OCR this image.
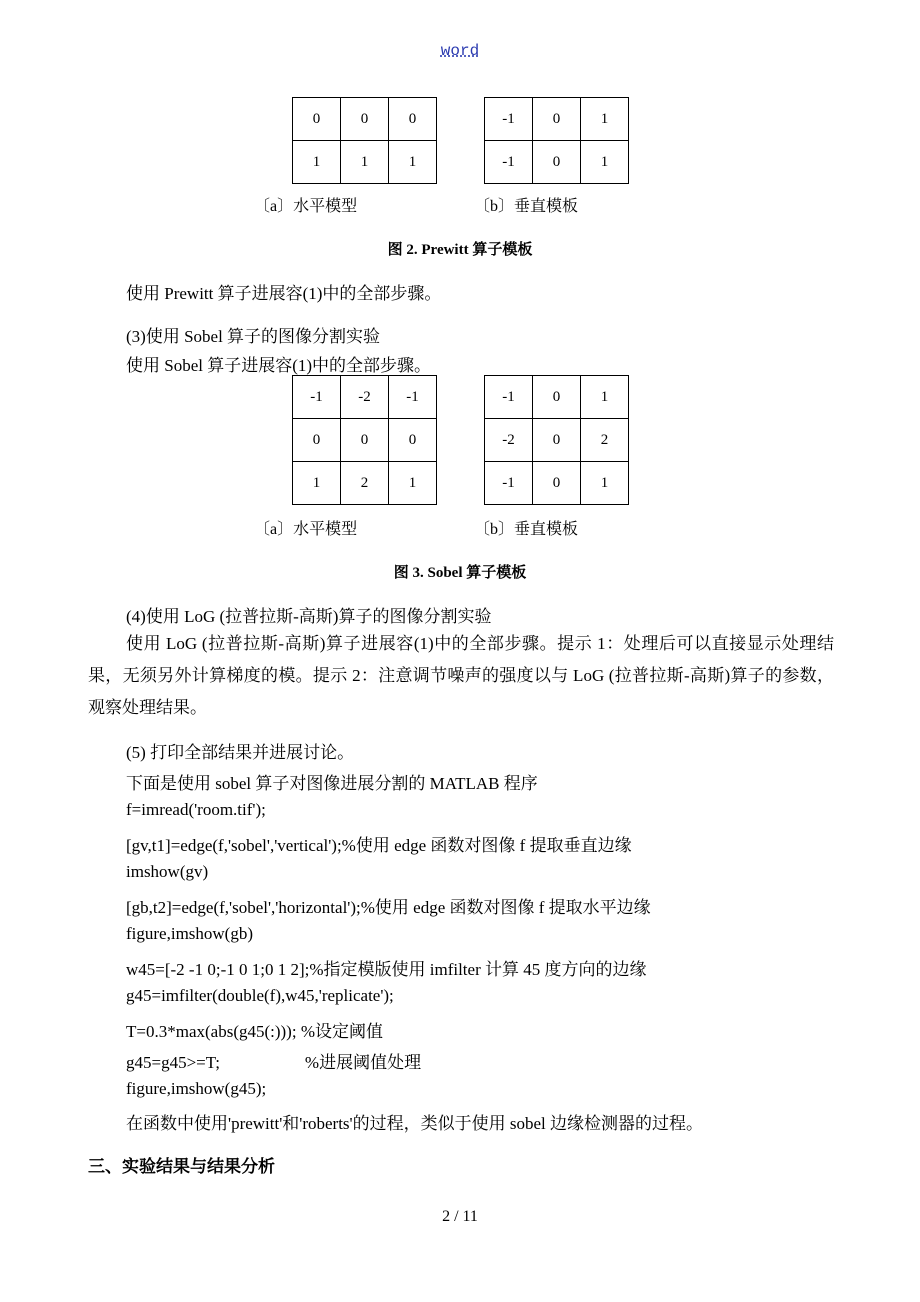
word
0	0	0
1	1	1
-1	0	1
-1	0	1
〔a〕水平模型	〔b〕垂直模板
图 2. Prewitt 算子模板
使用 Prewitt 算子进展容(1)中的全部步骤。
(3)使用 Sobel 算子的图像分割实验
使用 Sobel 算子进展容(1)中的全部步骤。
-1	-2	-1
0	0	0
1	2	1
-1	0	1
-2	0	2
-1	0	1
〔a〕水平模型	〔b〕垂直模板
图 3. Sobel 算子模板
(4)使用 LoG (拉普拉斯-高斯)算子的图像分割实验
使用 LoG (拉普拉斯-高斯)算子进展容(1)中的全部步骤。提示 1：处理后可以直接显示处理结果，无须另外计算梯度的模。提示 2：注意调节噪声的强度以与 LoG (拉普拉斯-高斯)算子的参数，观察处理结果。
(5) 打印全部结果并进展讨论。
下面是使用 sobel 算子对图像进展分割的 MATLAB 程序
f=imread('room.tif');
[gv,t1]=edge(f,'sobel','vertical');%使用 edge 函数对图像 f 提取垂直边缘
imshow(gv)
[gb,t2]=edge(f,'sobel','horizontal');%使用 edge 函数对图像 f 提取水平边缘
figure,imshow(gb)
w45=[-2 -1 0;-1 0 1;0 1 2];%指定模版使用 imfilter 计算 45 度方向的边缘
g45=imfilter(double(f),w45,'replicate');
T=0.3*max(abs(g45(:))); %设定阈值
g45=g45>=T;                    %进展阈值处理
figure,imshow(g45);
在函数中使用'prewitt'和'roberts'的过程，类似于使用 sobel 边缘检测器的过程。
三、实验结果与结果分析
2 / 11
